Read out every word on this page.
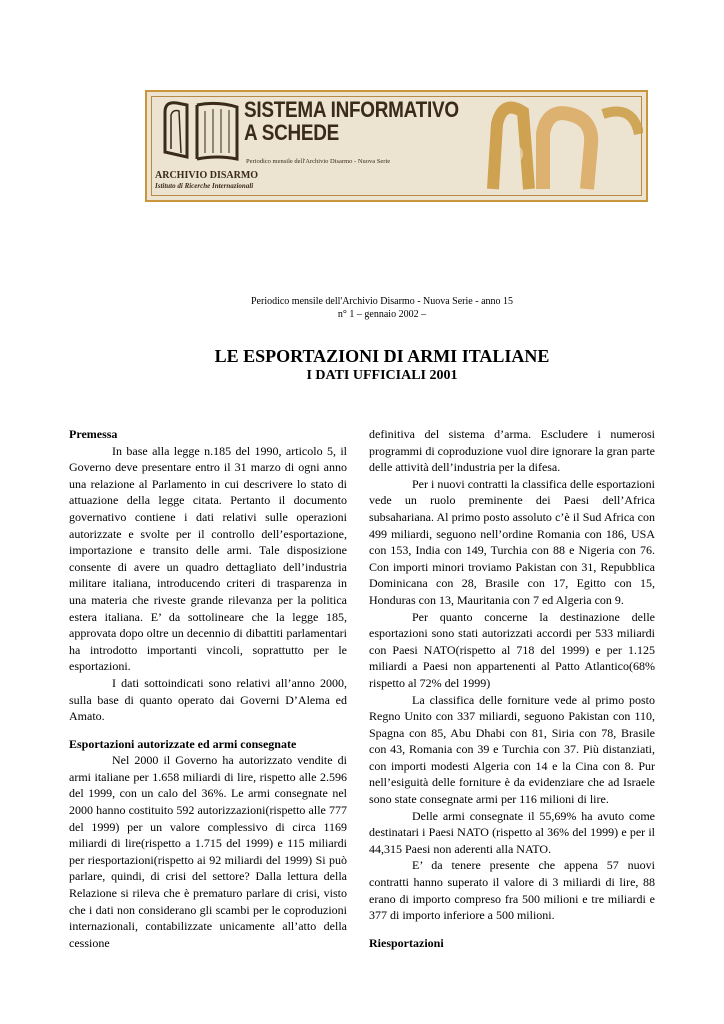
SISTEMA INFORMATIVO
A SCHEDE
Periodico mensile dell'Archivio Disarmo - Nuova Serie
ARCHIVIO DISARMO
Istituto di Ricerche Internazionali
Periodico mensile dell'Archivio Disarmo - Nuova Serie - anno 15
n° 1 – gennaio 2002 –
LE ESPORTAZIONI DI ARMI ITALIANE
I DATI UFFICIALI 2001
Premessa

In base alla legge n.185 del 1990, articolo 5, il Governo deve presentare entro il 31 marzo di ogni anno una relazione al Parlamento in cui descrivere lo stato di attuazione della legge citata. Pertanto il documento governativo contiene i dati relativi sulle operazioni autorizzate e svolte per il controllo dell’esportazione, importazione e transito delle armi. Tale disposizione consente di avere un quadro dettagliato dell’industria militare italiana, introducendo criteri di trasparenza in una materia che riveste grande rilevanza per la politica estera italiana. E’ da sottolineare che la legge 185, approvata dopo oltre un decennio di dibattiti parlamentari ha introdotto importanti vincoli, soprattutto per le esportazioni.

I dati sottoindicati sono relativi all’anno 2000, sulla base di quanto operato dai Governi D’Alema ed Amato.

Esportazioni autorizzate ed armi consegnate

Nel 2000 il Governo ha autorizzato vendite di armi italiane per 1.658 miliardi di lire, rispetto alle 2.596 del 1999, con un calo del 36%. Le armi consegnate nel 2000 hanno costituito 592 autorizzazioni(rispetto alle 777 del 1999) per un valore complessivo di circa 1169 miliardi di lire(rispetto a 1.715 del 1999) e 115 miliardi per riesportazioni(rispetto ai 92 miliardi del 1999) Si può parlare, quindi, di crisi del settore? Dalla lettura della Relazione si rileva che è prematuro parlare di crisi, visto che i dati non considerano gli scambi per le coproduzioni internazionali, contabilizzate unicamente all’atto della cessione

definitiva del sistema d’arma. Escludere i numerosi programmi di coproduzione vuol dire ignorare la gran parte delle attività dell’industria per la difesa.

Per i nuovi contratti la classifica delle esportazioni vede un ruolo preminente dei Paesi dell’Africa subsahariana. Al primo posto assoluto c’è il Sud Africa con 499 miliardi, seguono nell’ordine Romania con 186, USA con 153, India con 149, Turchia con 88 e Nigeria con 76. Con importi minori troviamo Pakistan con 31, Repubblica Dominicana con 28, Brasile con 17, Egitto con 15, Honduras con 13, Mauritania con 7 ed Algeria con 9.

Per quanto concerne la destinazione delle esportazioni sono stati autorizzati accordi per 533 miliardi con Paesi NATO(rispetto al 718 del 1999) e per 1.125 miliardi a Paesi non appartenenti al Patto Atlantico(68% rispetto al 72% del 1999)

La classifica delle forniture vede al primo posto Regno Unito con 337 miliardi, seguono Pakistan con 110, Spagna con 85, Abu Dhabi con 81, Siria con 78, Brasile con 43, Romania con 39 e Turchia con 37. Più distanziati, con importi modesti Algeria con 14 e la Cina con 8. Pur nell’esiguità delle forniture è da evidenziare che ad Israele sono state consegnate armi per 116 milioni di lire.

Delle armi consegnate il 55,69% ha avuto come destinatari i Paesi NATO (rispetto al 36% del 1999) e per il 44,315 Paesi non aderenti alla NATO.

E’ da tenere presente che appena 57 nuovi contratti hanno superato il valore di 3 miliardi di lire, 88 erano di importo compreso fra 500 milioni e tre miliardi e 377 di importo inferiore a 500 milioni.

Riesportazioni
